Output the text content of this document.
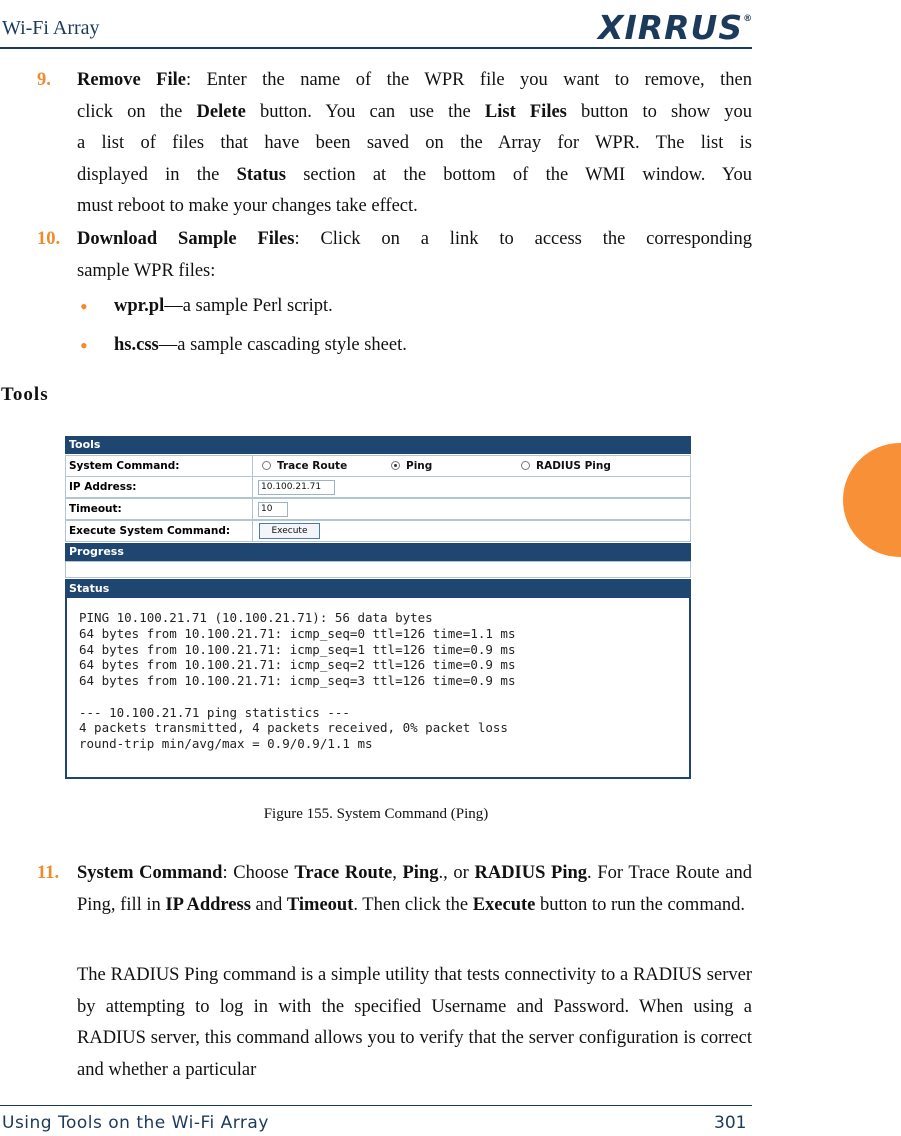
Wi-Fi Array	XIRRUS®
9. Remove File: Enter the name of the WPR file you want to remove, then
click on the Delete button. You can use the List Files button to show you
a list of files that have been saved on the Array for WPR. The list is
displayed in the Status section at the bottom of the WMI window. You
must reboot to make your changes take effect.
10. Download Sample Files: Click on a link to access the corresponding
sample WPR files:
• wpr.pl—a sample Perl script.
• hs.css—a sample cascading style sheet.
Tools
Tools
System Command:	Trace Route	Ping	RADIUS Ping
IP Address:	10.100.21.71
Timeout:	10
Execute System Command:	Execute
Progress
Status
PING 10.100.21.71 (10.100.21.71): 56 data bytes
64 bytes from 10.100.21.71: icmp_seq=0 ttl=126 time=1.1 ms
64 bytes from 10.100.21.71: icmp_seq=1 ttl=126 time=0.9 ms
64 bytes from 10.100.21.71: icmp_seq=2 ttl=126 time=0.9 ms
64 bytes from 10.100.21.71: icmp_seq=3 ttl=126 time=0.9 ms
--- 10.100.21.71 ping statistics ---
4 packets transmitted, 4 packets received, 0% packet loss
round-trip min/avg/max = 0.9/0.9/1.1 ms
Figure 155. System Command (Ping)
11. System Command: Choose Trace Route, Ping., or RADIUS Ping. For Trace Route and Ping, fill in IP Address and Timeout. Then click the Execute button to run the command.
The RADIUS Ping command is a simple utility that tests connectivity to a RADIUS server by attempting to log in with the specified Username and Password. When using a RADIUS server, this command allows you to verify that the server configuration is correct and whether a particular
Using Tools on the Wi-Fi Array	301
